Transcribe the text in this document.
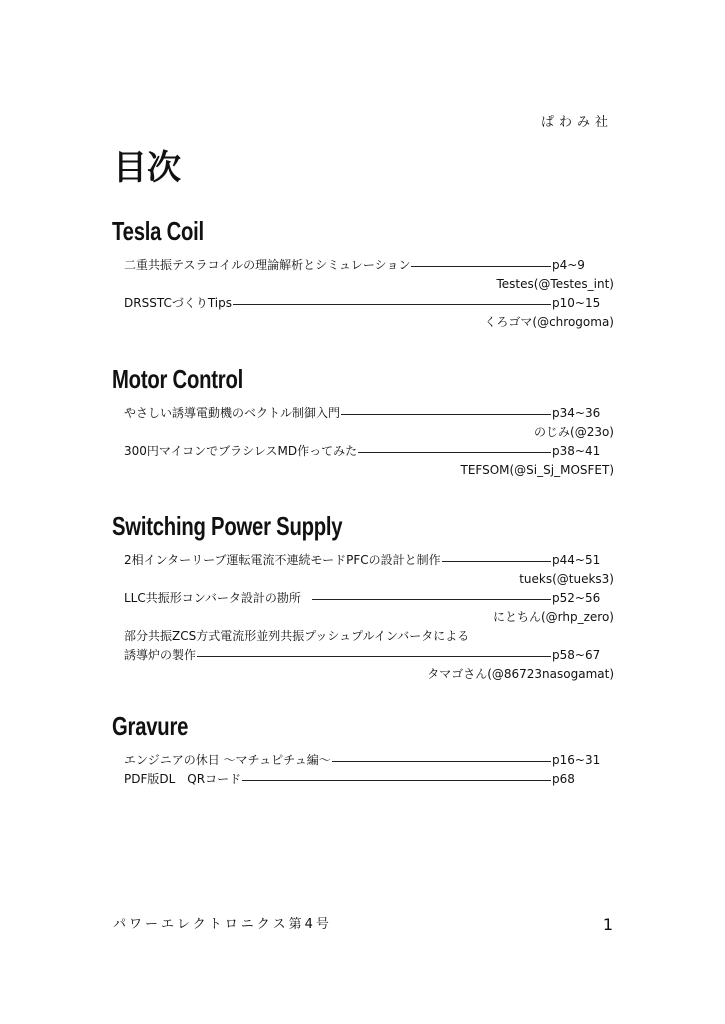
ぱわみ社
目次
Tesla Coil
二重共振テスラコイルの理論解析とシミュレーション	p4~9
Testes(@Testes_int)
DRSSTCづくりTips	p10~15
くろゴマ(@chrogoma)
Motor Control
やさしい誘導電動機のベクトル制御入門	p34~36
のじみ(@23o)
300円マイコンでブラシレスMD作ってみた	p38~41
TEFSOM(@Si_Sj_MOSFET)
Switching Power Supply
2相インターリーブ運転電流不連続モードPFCの設計と制作	p44~51
tueks(@tueks3)
LLC共振形コンバータ設計の勘所	p52~56
にとちん(@rhp_zero)
部分共振ZCS方式電流形並列共振プッシュプルインバータによる
誘導炉の製作	p58~67
タマゴさん(@86723nasogamat)
Gravure
エンジニアの休日 〜マチュピチュ編〜	p16~31
PDF版DL　QRコード	p68
パワーエレクトロニクス第4号	1
